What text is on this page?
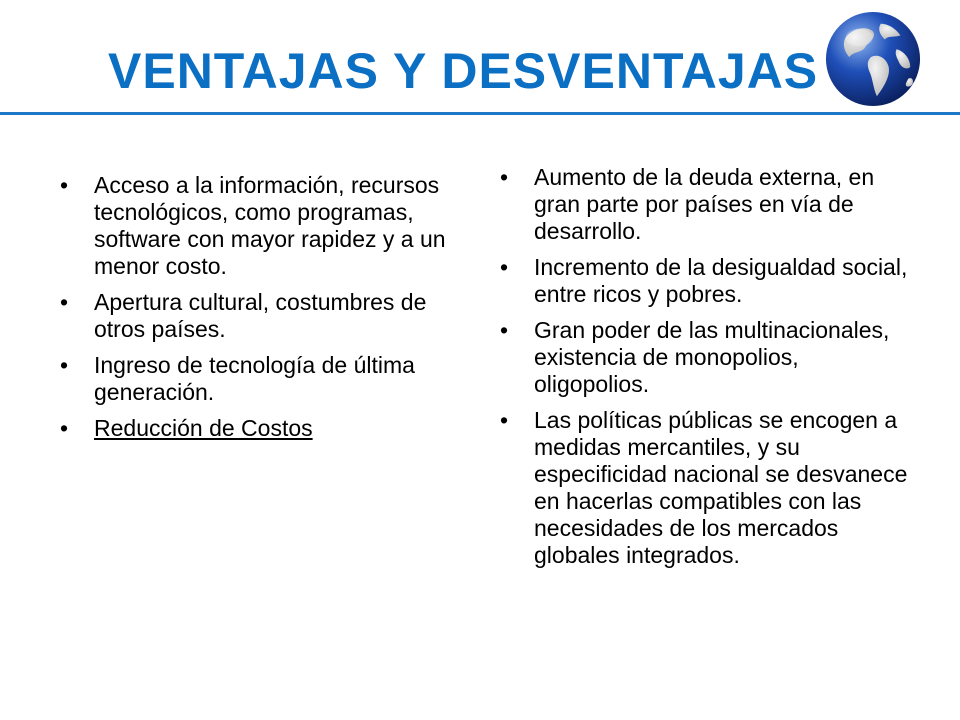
VENTAJAS Y DESVENTAJAS
• Acceso a la información, recursos tecnológicos, como programas, software con mayor rapidez y a un menor costo.
• Apertura cultural, costumbres de otros países.
• Ingreso de tecnología de última generación.
• Reducción de Costos
• Aumento de la deuda externa, en gran parte por países en vía de desarrollo.
• Incremento de la desigualdad social, entre ricos y pobres.
• Gran poder de las multinacionales, existencia de monopolios, oligopolios.
• Las políticas públicas se encogen a medidas mercantiles, y su especificidad nacional se desvanece en hacerlas compatibles con las necesidades de los mercados globales integrados.
